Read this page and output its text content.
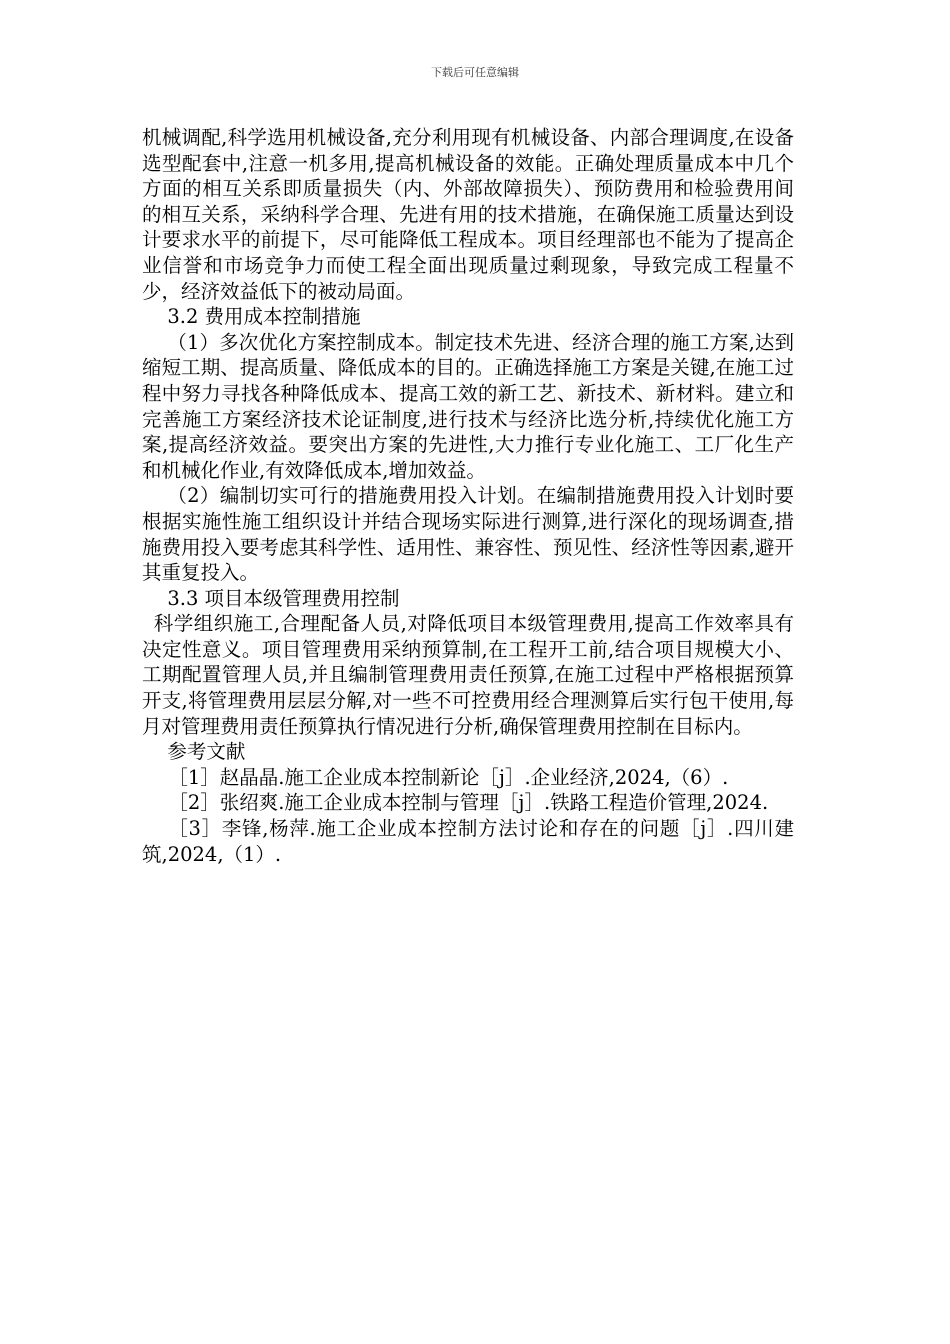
下载后可任意编辑

机械调配,科学选用机械设备,充分利用现有机械设备、内部合理调度,在设备选型配套中,注意一机多用,提高机械设备的效能。正确处理质量成本中几个方面的相互关系即质量损失（内、外部故障损失）、预防费用和检验费用间的相互关系，采纳科学合理、先进有用的技术措施，在确保施工质量达到设计要求水平的前提下，尽可能降低工程成本。项目经理部也不能为了提高企业信誉和市场竞争力而使工程全面出现质量过剩现象，导致完成工程量不少，经济效益低下的被动局面。

3.2 费用成本控制措施

（1）多次优化方案控制成本。制定技术先进、经济合理的施工方案,达到缩短工期、提高质量、降低成本的目的。正确选择施工方案是关键,在施工过程中努力寻找各种降低成本、提高工效的新工艺、新技术、新材料。建立和完善施工方案经济技术论证制度,进行技术与经济比选分析,持续优化施工方案,提高经济效益。要突出方案的先进性,大力推行专业化施工、工厂化生产和机械化作业,有效降低成本,增加效益。

（2）编制切实可行的措施费用投入计划。在编制措施费用投入计划时要根据实施性施工组织设计并结合现场实际进行测算,进行深化的现场调查,措施费用投入要考虑其科学性、适用性、兼容性、预见性、经济性等因素,避开其重复投入。

3.3 项目本级管理费用控制

科学组织施工,合理配备人员,对降低项目本级管理费用,提高工作效率具有决定性意义。项目管理费用采纳预算制,在工程开工前,结合项目规模大小、工期配置管理人员,并且编制管理费用责任预算,在施工过程中严格根据预算开支,将管理费用层层分解,对一些不可控费用经合理测算后实行包干使用,每月对管理费用责任预算执行情况进行分析,确保管理费用控制在目标内。

参考文献

［1］赵晶晶.施工企业成本控制新论［j］.企业经济,2024,（6）.

［2］张绍爽.施工企业成本控制与管理［j］.铁路工程造价管理,2024.

［3］李锋,杨萍.施工企业成本控制方法讨论和存在的问题［j］.四川建筑,2024,（1）.
